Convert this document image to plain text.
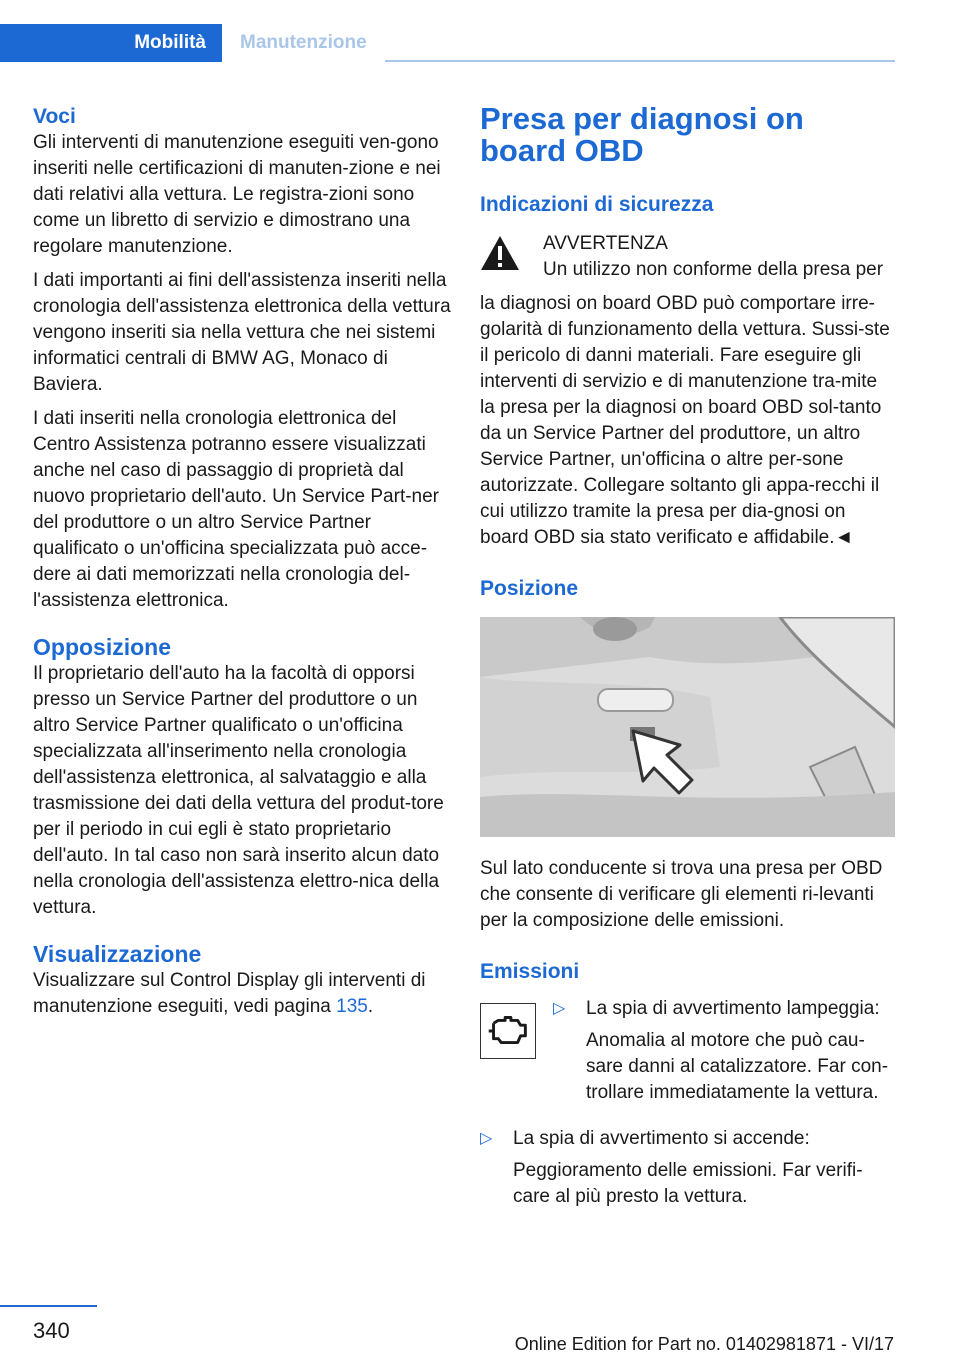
Mobilità	Manutenzione
Voci

Gli interventi di manutenzione eseguiti ven-gono inseriti nelle certificazioni di manuten-zione e nei dati relativi alla vettura. Le registra-zioni sono come un libretto di servizio e dimostrano una regolare manutenzione.

I dati importanti ai fini dell'assistenza inseriti nella cronologia dell'assistenza elettronica della vettura vengono inseriti sia nella vettura che nei sistemi informatici centrali di BMW AG, Monaco di Baviera.

I dati inseriti nella cronologia elettronica del Centro Assistenza potranno essere visualizzati anche nel caso di passaggio di proprietà dal nuovo proprietario dell'auto. Un Service Part-ner del produttore o un altro Service Partner qualificato o un'officina specializzata può acce-dere ai dati memorizzati nella cronologia del-l'assistenza elettronica.

Opposizione

Il proprietario dell'auto ha la facoltà di opporsi presso un Service Partner del produttore o un altro Service Partner qualificato o un'officina specializzata all'inserimento nella cronologia dell'assistenza elettronica, al salvataggio e alla trasmissione dei dati della vettura del produt-tore per il periodo in cui egli è stato proprietario dell'auto. In tal caso non sarà inserito alcun dato nella cronologia dell'assistenza elettro-nica della vettura.

Visualizzazione

Visualizzare sul Control Display gli interventi di manutenzione eseguiti, vedi pagina 135.

Presa per diagnosi on board OBD
Indicazioni di sicurezza
AVVERTENZA
Un utilizzo non conforme della presa per

la diagnosi on board OBD può comportare irre-golarità di funzionamento della vettura. Sussi-ste il pericolo di danni materiali. Fare eseguire gli interventi di servizio e di manutenzione tra-mite la presa per la diagnosi on board OBD sol-tanto da un Service Partner del produttore, un altro Service Partner, un'officina o altre per-sone autorizzate. Collegare soltanto gli appa-recchi il cui utilizzo tramite la presa per dia-gnosi on board OBD sia stato verificato e affidabile.◄

Posizione

Sul lato conducente si trova una presa per OBD che consente di verificare gli elementi ri-levanti per la composizione delle emissioni.

Emissioni
▷ La spia di avvertimento lampeggia:
Anomalia al motore che può cau-sare danni al catalizzatore. Far con-trollare immediatamente la vettura.
▷ La spia di avvertimento si accende:
Peggioramento delle emissioni. Far verifi-care al più presto la vettura.
340
Online Edition for Part no. 01402981871 - VI/17
